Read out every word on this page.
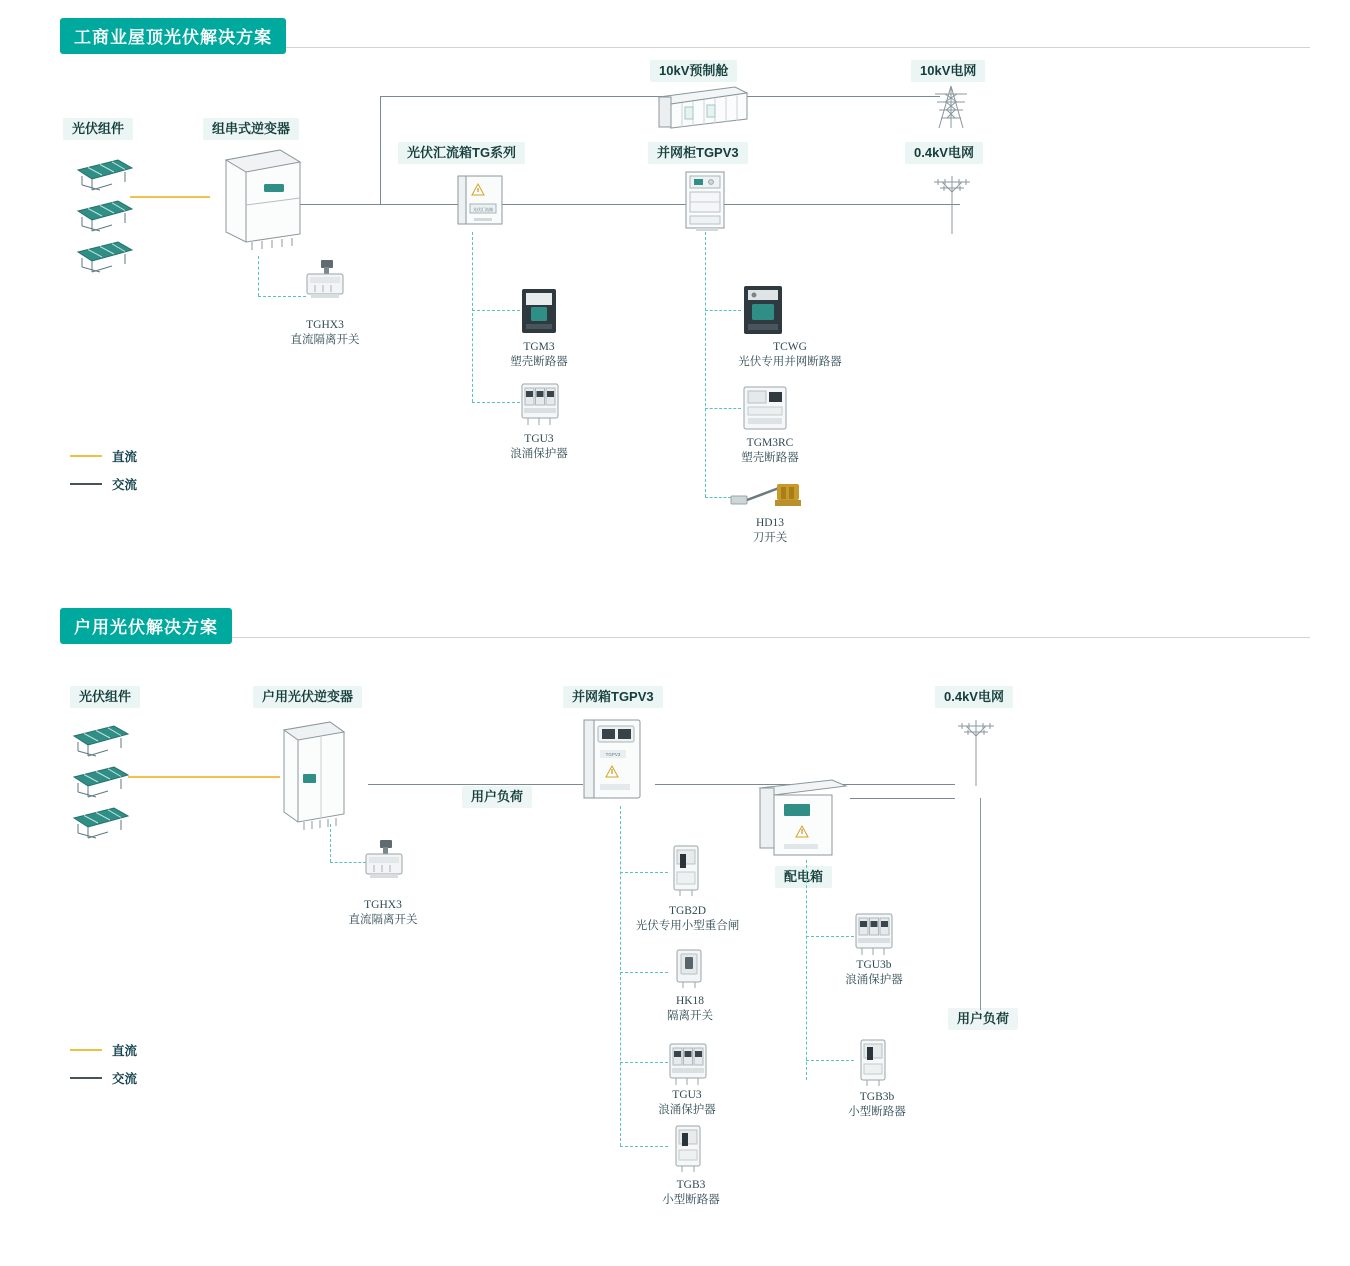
工商业屋顶光伏解决方案
光伏组件	组串式逆变器
光伏汇流箱TG系列	并网柜TGPV3
10kV预制舱	10kV电网
0.4kV电网
光伏汇流箱
TGHX3
直流隔离开关
TGM3
塑壳断路器
TGU3
浪涌保护器
TCWG
光伏专用并网断路器
TGM3RC
塑壳断路器
HD13
刀开关
直流
交流
户用光伏解决方案
光伏组件	户用光伏逆变器	并网箱TGPV3	0.4kV电网
配电箱
用户负荷
用户负荷
TGPV3
TGHX3
直流隔离开关
TGB2D
光伏专用小型重合闸
HK18
隔离开关
TGU3
浪涌保护器
TGB3
小型断路器
TGU3b
浪涌保护器
TGB3b
小型断路器
直流
交流
